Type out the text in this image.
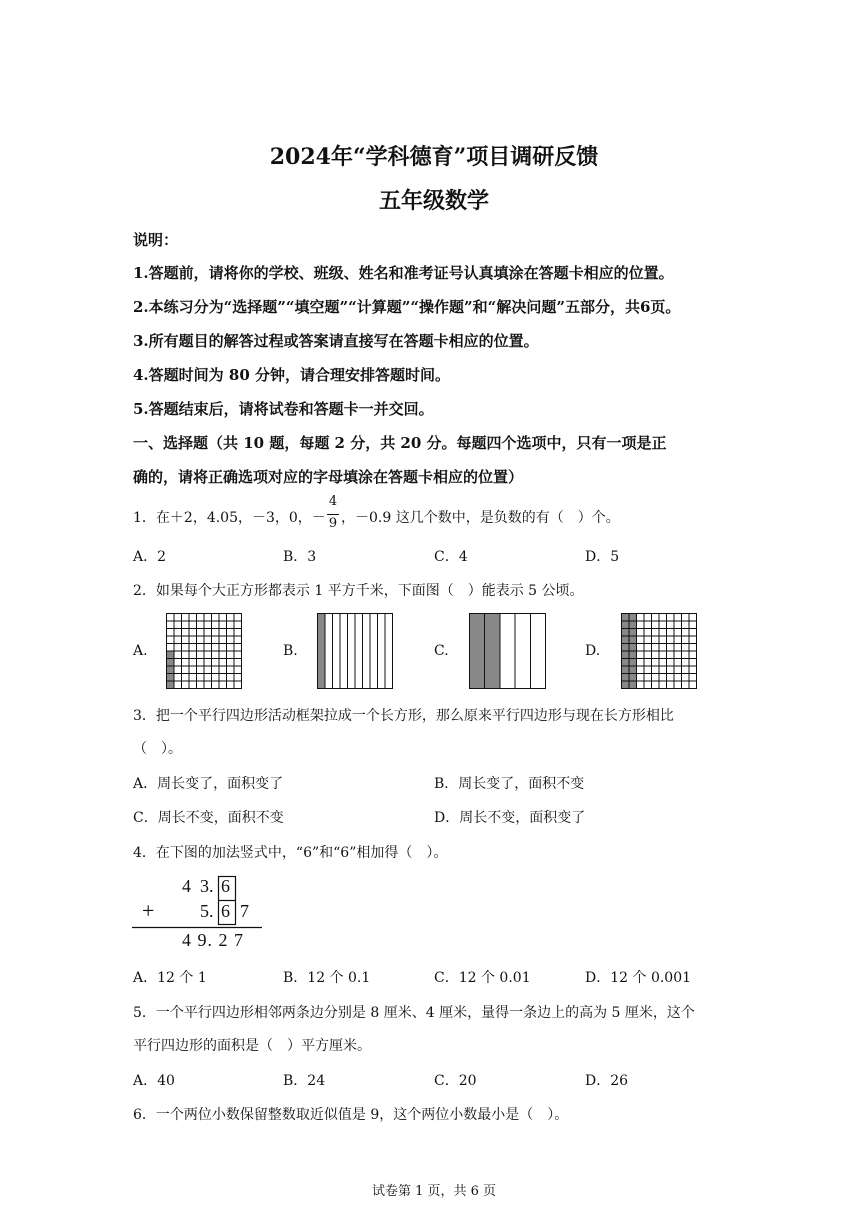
2024年“学科德育”项目调研反馈
五年级数学
说明：
1.答题前，请将你的学校、班级、姓名和准考证号认真填涂在答题卡相应的位置。
2.本练习分为“选择题”“填空题”“计算题”“操作题”和“解决问题”五部分，共6页。
3.所有题目的解答过程或答案请直接写在答题卡相应的位置。
4.答题时间为 80 分钟，请合理安排答题时间。
5.答题结束后，请将试卷和答题卡一并交回。
一、选择题（共 10 题，每题 2 分，共 20 分。每题四个选项中，只有一项是正
确的，请将正确选项对应的字母填涂在答题卡相应的位置）
1．在＋2，4.05，－3，0，－
4
9 ，－0.9 这几个数中，是负数的有（　）个。
A．2	B．3	C．4	D．5
2．如果每个大正方形都表示 1 平方千米，下面图（　）能表示 5 公顷。
A.	B.	C.	D.
3．把一个平行四边形活动框架拉成一个长方形，那么原来平行四边形与现在长方形相比
（　）。
A．周长变了，面积变了	B．周长变了，面积不变
C．周长不变，面积不变	D．周长不变，面积变了
4．在下图的加法竖式中，“6”和“6”相加得（　）。
4 3. 6
+	5. 6 7
4 9. 2 7
A．12 个 1	B．12 个 0.1	C．12 个 0.01	D．12 个 0.001
5．一个平行四边形相邻两条边分别是 8 厘米、4 厘米，量得一条边上的高为 5 厘米，这个
平行四边形的面积是（　）平方厘米。
A．40	B．24	C．20	D．26
6．一个两位小数保留整数取近似值是 9，这个两位小数最小是（　）。
试卷第 1 页，共 6 页
